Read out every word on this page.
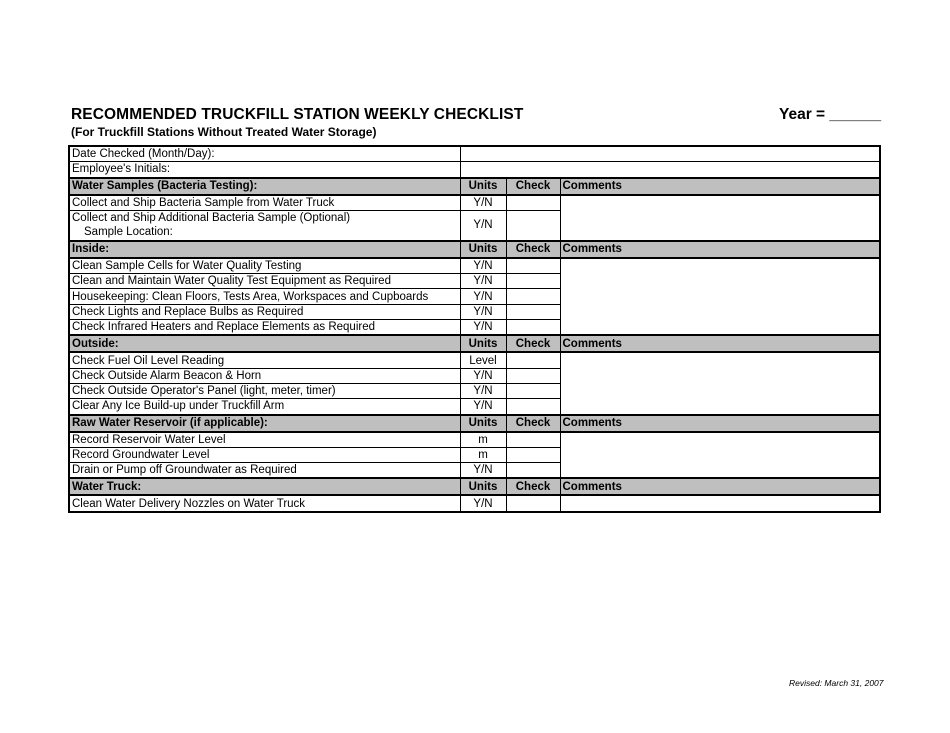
RECOMMENDED TRUCKFILL STATION WEEKLY CHECKLIST
(For Truckfill Stations Without Treated Water Storage)
Year = ______
Date Checked (Month/Day):			
Employee's Initials:			
Water Samples (Bacteria Testing):	Units	Check	Comments
Collect and Ship Bacteria Sample from Water Truck	Y/N		

Collect and Ship Additional Bacteria Sample (Optional)
Sample Location:	Y/N		
Inside:	Units	Check	Comments
Clean Sample Cells for Water Quality Testing	Y/N		
Clean and Maintain Water Quality Test Equipment as Required	Y/N		
Housekeeping: Clean Floors, Tests Area, Workspaces and Cupboards	Y/N		
Check Lights and Replace Bulbs as Required	Y/N		
Check Infrared Heaters and Replace Elements as Required	Y/N		
Outside:	Units	Check	Comments
Check Fuel Oil Level Reading	Level		
Check Outside Alarm Beacon & Horn	Y/N		
Check Outside Operator's Panel (light, meter, timer)	Y/N		
Clear Any Ice Build-up under Truckfill Arm	Y/N		
Raw Water Reservoir (if applicable):	Units	Check	Comments
Record Reservoir Water Level	m		
Record Groundwater Level	m		
Drain or Pump off Groundwater as Required	Y/N		
Water Truck:	Units	Check	Comments
Clean Water Delivery Nozzles on Water Truck	Y/N		
Revised: March 31, 2007
